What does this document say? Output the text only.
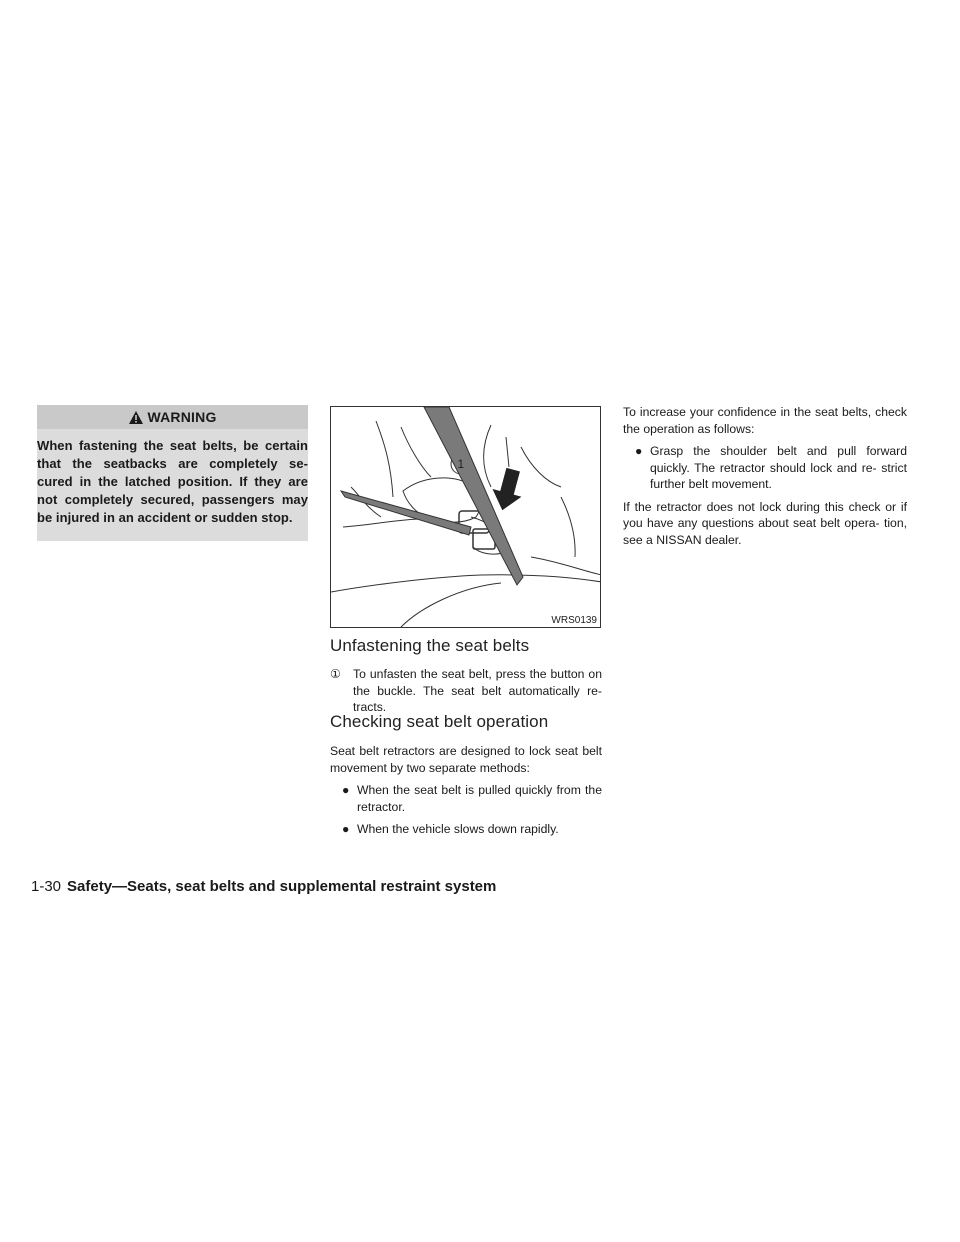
WARNING
When fastening the seat belts, be certain that the seatbacks are completely se- cured in the latched position. If they are not completely secured, passengers may be injured in an accident or sudden stop.
1
WRS0139
Unfastening the seat belts
①	To unfasten the seat belt, press the button on the buckle. The seat belt automatically re- tracts.
Checking seat belt operation

Seat belt retractors are designed to lock seat belt movement by two separate methods:

● When the seat belt is pulled quickly from the retractor.
● When the vehicle slows down rapidly.

To increase your confidence in the seat belts, check the operation as follows:

● Grasp the shoulder belt and pull forward quickly. The retractor should lock and re- strict further belt movement.

If the retractor does not lock during this check or if you have any questions about seat belt opera- tion, see a NISSAN dealer.

1-30 Safety—Seats, seat belts and supplemental restraint system
